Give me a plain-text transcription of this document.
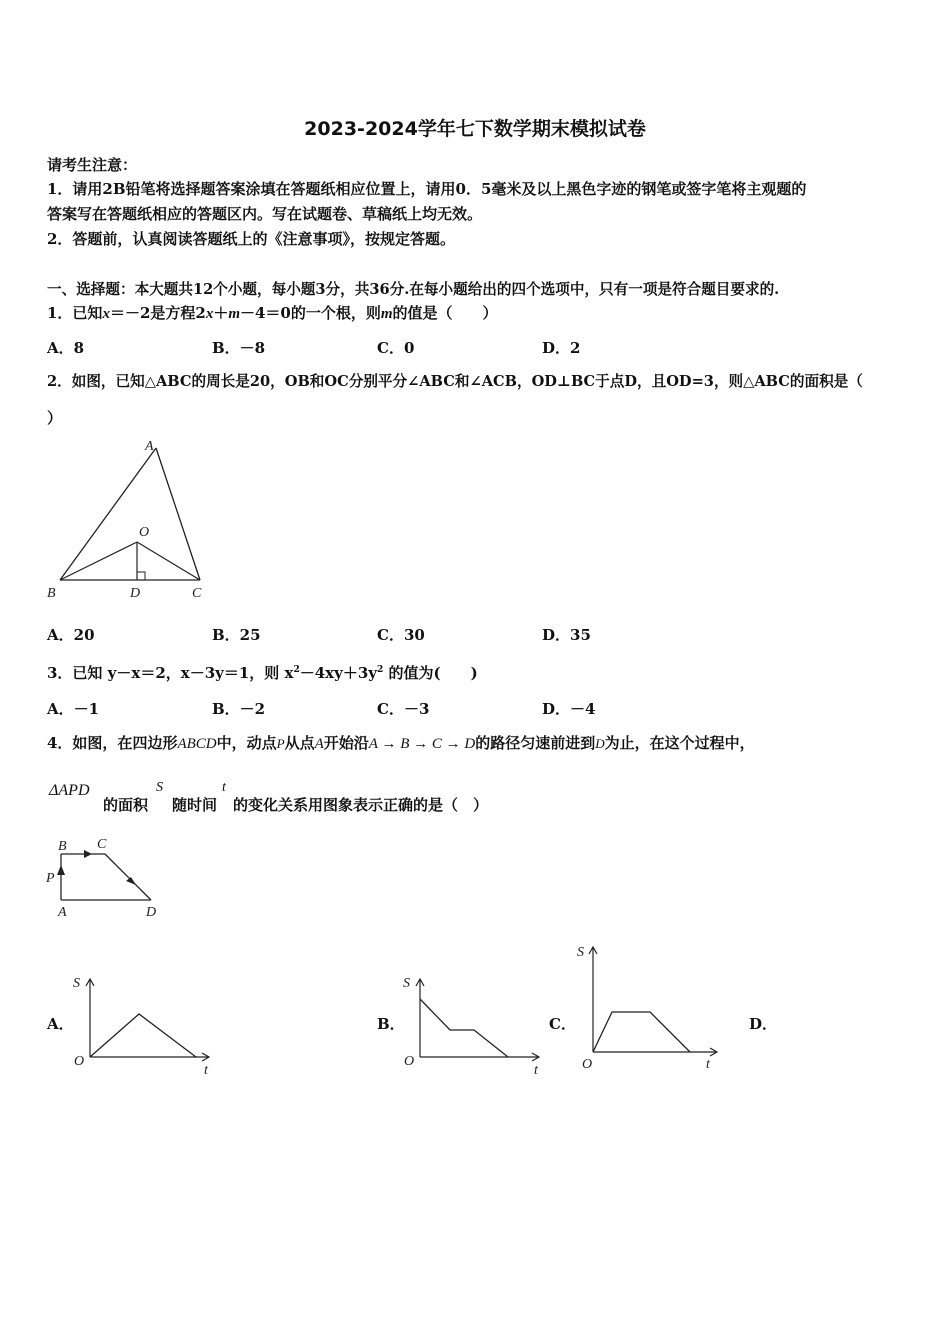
2023-2024学年七下数学期末模拟试卷
请考生注意：
1．请用2B铅笔将选择题答案涂填在答题纸相应位置上，请用0．5毫米及以上黑色字迹的钢笔或签字笔将主观题的
答案写在答题纸相应的答题区内。写在试题卷、草稿纸上均无效。
2．答题前，认真阅读答题纸上的《注意事项》，按规定答题。
一、选择题：本大题共12个小题，每小题3分，共36分.在每小题给出的四个选项中，只有一项是符合题目要求的.
1．已知x＝－2是方程2x＋m－4＝0的一个根，则m的值是（　　）
A．8	B．－8	C．0	D．2
2．如图，已知△ABC的周长是20，OB和OC分别平分∠ABC和∠ACB，OD⊥BC于点D，且OD=3，则△ABC的面积是（
）
A
O
B	D	C
A．20	B．25	C．30	D．35
3．已知 y－x＝2，x－3y＝1，则 $x^2-4xy+3y^2$ 的值为(　　)
A．－1	B．－2	C．－3	D．－4
4．如图，在四边形ABCD中，动点P从点A开始沿A → B → C → D的路径匀速前进到D为止，在这个过程中，
ΔAPD
的面积
S
随时间
t
的变化关系用图象表示正确的是（　）
B C
P
A	D
A．	B．	C．	D．
S
O
t
S
O
t
S
O	t
